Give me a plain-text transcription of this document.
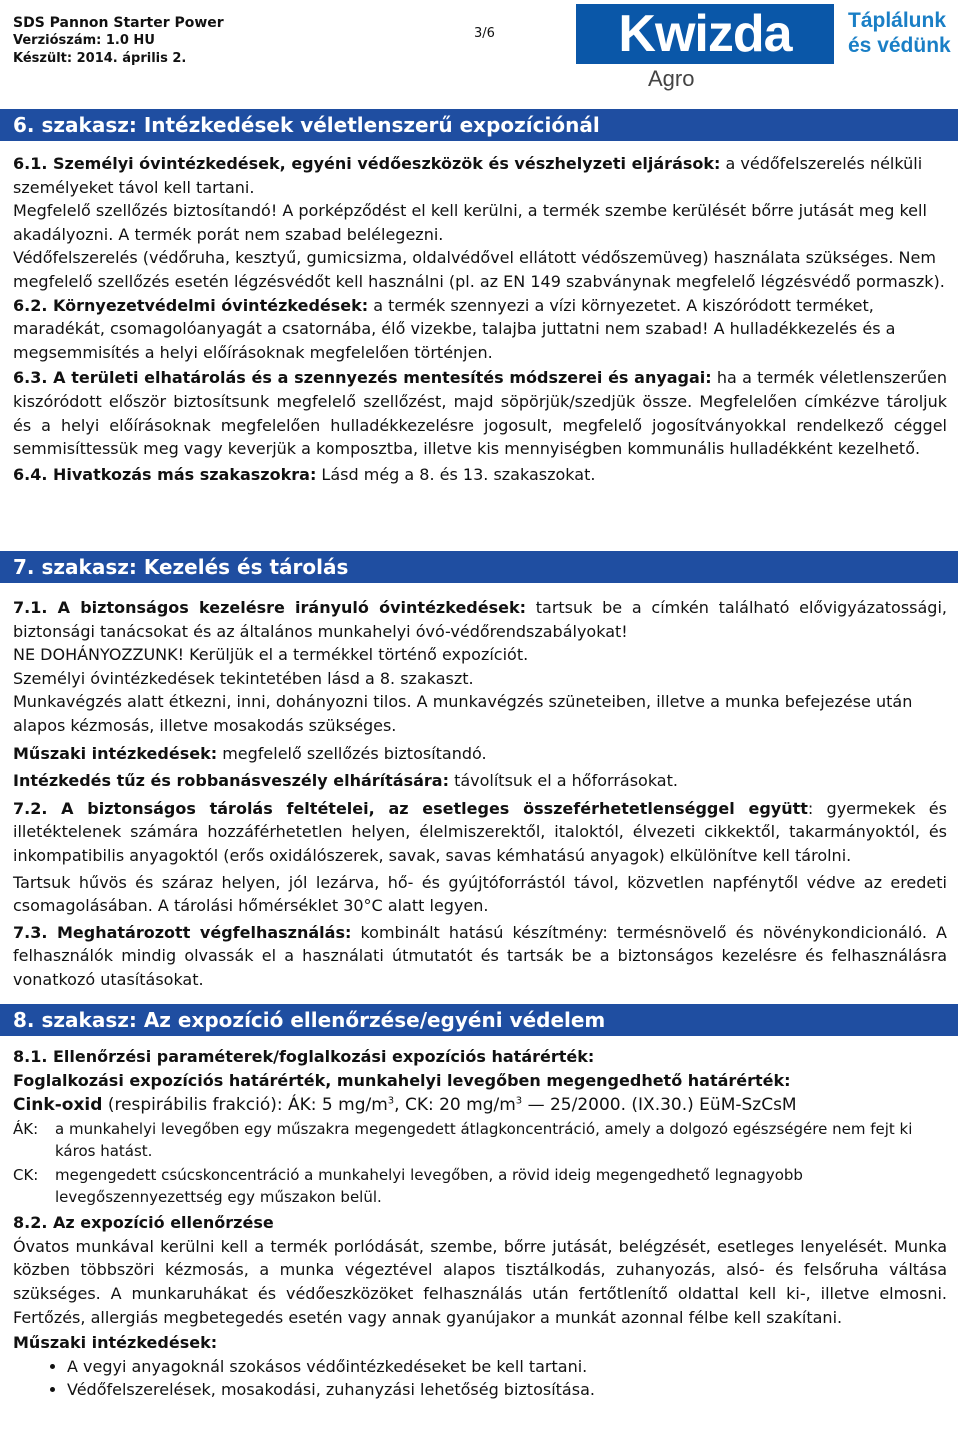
SDS Pannon Starter Power
Verziószám: 1.0 HU
Készült: 2014. április 2.
3/6	Kwizda
Agro
Táplálunk
és védünk
6. szakasz: Intézkedések véletlenszerű expozíciónál

6.1. Személyi óvintézkedések, egyéni védőeszközök és vészhelyzeti eljárások: a védőfelszerelés nélküli személyeket távol kell tartani.

Megfelelő szellőzés biztosítandó! A porképződést el kell kerülni, a termék szembe kerülését bőrre jutását meg kell akadályozni. A termék porát nem szabad belélegezni.

Védőfelszerelés (védőruha, kesztyű, gumicsizma, oldalvédővel ellátott védőszemüveg) használata szükséges. Nem megfelelő szellőzés esetén légzésvédőt kell használni (pl. az EN 149 szabványnak megfelelő légzésvédő pormaszk).

6.2. Környezetvédelmi óvintézkedések: a termék szennyezi a vízi környezetet. A kiszóródott terméket, maradékát, csomagolóanyagát a csatornába, élő vizekbe, talajba juttatni nem szabad! A hulladékkezelés és a megsemmisítés a helyi előírásoknak megfelelően történjen.

6.3. A területi elhatárolás és a szennyezés mentesítés módszerei és anyagai: ha a termék véletlenszerűen kiszóródott először biztosítsunk megfelelő szellőzést, majd söpörjük/szedjük össze. Megfelelően címkézve tároljuk és a helyi előírásoknak megfelelően hulladékkezelésre jogosult, megfelelő jogosítványokkal rendelkező céggel semmisíttessük meg vagy keverjük a komposztba, illetve kis mennyiségben kommunális hulladékként kezelhető.

6.4. Hivatkozás más szakaszokra: Lásd még a 8. és 13. szakaszokat.

7. szakasz: Kezelés és tárolás

7.1. A biztonságos kezelésre irányuló óvintézkedések: tartsuk be a címkén található elővigyázatossági, biztonsági tanácsokat és az általános munkahelyi óvó-védőrendszabályokat!

NE DOHÁNYOZZUNK! Kerüljük el a termékkel történő expozíciót.

Személyi óvintézkedések tekintetében lásd a 8. szakaszt.

Munkavégzés alatt étkezni, inni, dohányozni tilos. A munkavégzés szüneteiben, illetve a munka befejezése után alapos kézmosás, illetve mosakodás szükséges.

Műszaki intézkedések: megfelelő szellőzés biztosítandó.

Intézkedés tűz és robbanásveszély elhárítására: távolítsuk el a hőforrásokat.

7.2. A biztonságos tárolás feltételei, az esetleges összeférhetetlenséggel együtt: gyermekek és illetéktelenek számára hozzáférhetetlen helyen, élelmiszerektől, italoktól, élvezeti cikkektől, takarmányoktól, és inkompatibilis anyagoktól (erős oxidálószerek, savak, savas kémhatású anyagok) elkülönítve kell tárolni.

Tartsuk hűvös és száraz helyen, jól lezárva, hő- és gyújtóforrástól távol, közvetlen napfénytől védve az eredeti csomagolásában. A tárolási hőmérséklet 30°C alatt legyen.

7.3. Meghatározott végfelhasználás: kombinált hatású készítmény: termésnövelő és növénykondicionáló. A felhasználók mindig olvassák el a használati útmutatót és tartsák be a biztonságos kezelésre és felhasználásra vonatkozó utasításokat.

8. szakasz: Az expozíció ellenőrzése/egyéni védelem

8.1. Ellenőrzési paraméterek/foglalkozási expozíciós határérték:

Foglalkozási expozíciós határérték, munkahelyi levegőben megengedhető határérték:

Cink-oxid (respirábilis frakció): ÁK: 5 $mg/m^3$, CK: 20 $mg/m^3$ — 25/2000. (IX.30.) EüM-SzCsM

ÁK:	a munkahelyi levegőben egy műszakra megengedett átlagkoncentráció, amely a dolgozó egészségére nem fejt ki káros hatást.
CK:	megengedett csúcskoncentráció a munkahelyi levegőben, a rövid ideig megengedhető legnagyobb levegőszennyezettség egy műszakon belül.

8.2. Az expozíció ellenőrzése

Óvatos munkával kerülni kell a termék porlódását, szembe, bőrre jutását, belégzését, esetleges lenyelését. Munka közben többszöri kézmosás, a munka végeztével alapos tisztálkodás, zuhanyozás, alsó- és felsőruha váltása szükséges. A munkaruhákat és védőeszközöket felhasználás után fertőtlenítő oldattal kell ki-, illetve elmosni. Fertőzés, allergiás megbetegedés esetén vagy annak gyanújakor a munkát azonnal félbe kell szakítani.

Műszaki intézkedések:

• A vegyi anyagoknál szokásos védőintézkedéseket be kell tartani.
• Védőfelszerelések, mosakodási, zuhanyzási lehetőség biztosítása.
